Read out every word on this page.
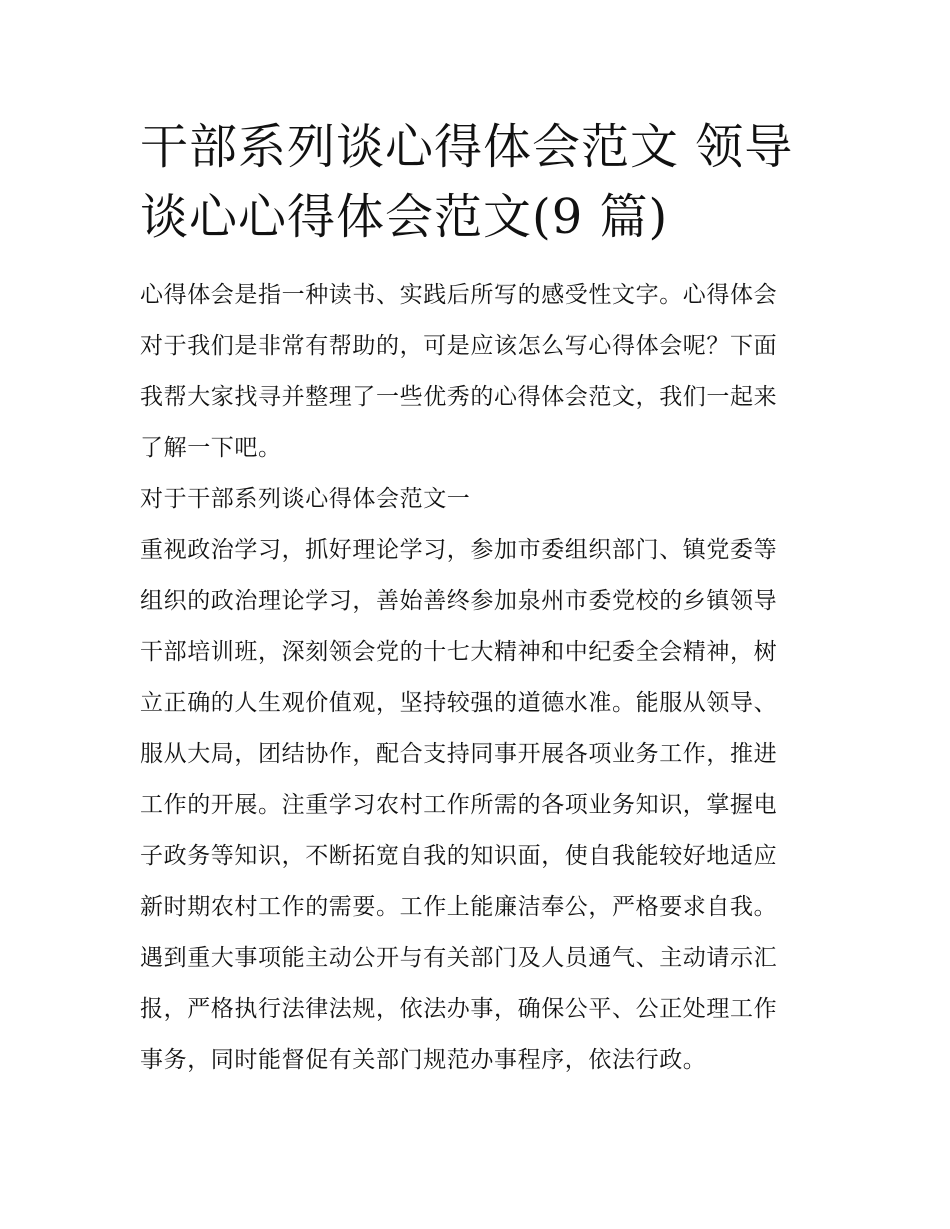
干部系列谈心得体会范文 领导
谈心心得体会范文(9 篇)

心得体会是指一种读书、实践后所写的感受性文字。心得体会
对于我们是非常有帮助的，可是应该怎么写心得体会呢？下面
我帮大家找寻并整理了一些优秀的心得体会范文，我们一起来
了解一下吧。

对于干部系列谈心得体会范文一

重视政治学习，抓好理论学习，参加市委组织部门、镇党委等
组织的政治理论学习，善始善终参加泉州市委党校的乡镇领导
干部培训班，深刻领会党的十七大精神和中纪委全会精神，树
立正确的人生观价值观，坚持较强的道德水准。能服从领导、
服从大局，团结协作，配合支持同事开展各项业务工作，推进
工作的开展。注重学习农村工作所需的各项业务知识，掌握电
子政务等知识，不断拓宽自我的知识面，使自我能较好地适应
新时期农村工作的需要。工作上能廉洁奉公，严格要求自我。
遇到重大事项能主动公开与有关部门及人员通气、主动请示汇
报，严格执行法律法规，依法办事，确保公平、公正处理工作
事务，同时能督促有关部门规范办事程序，依法行政。
